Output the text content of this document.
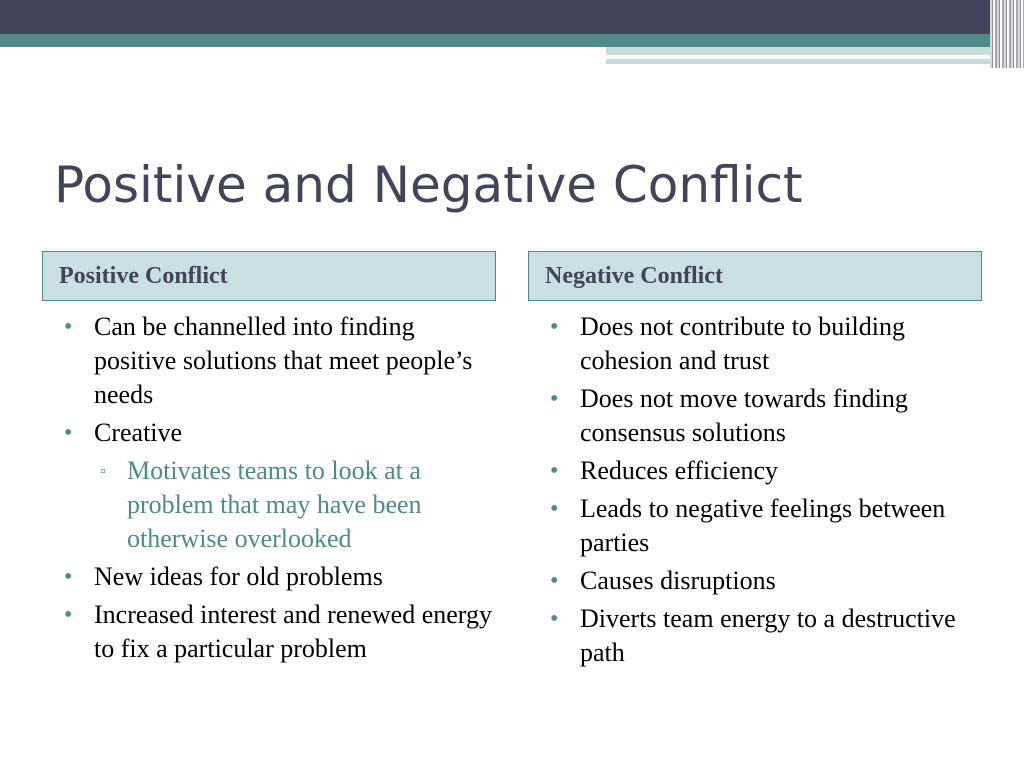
Positive and Negative Conflict
Positive Conflict	Negative Conflict
• Can be channelled into finding positive solutions that meet people’s needs
• Creative
▫ Motivates teams to look at a problem that may have been otherwise overlooked
• New ideas for old problems
• Increased interest and renewed energy to fix a particular problem
• Does not contribute to building cohesion and trust
• Does not move towards finding consensus solutions
• Reduces efficiency
• Leads to negative feelings between parties
• Causes disruptions
• Diverts team energy to a destructive path
